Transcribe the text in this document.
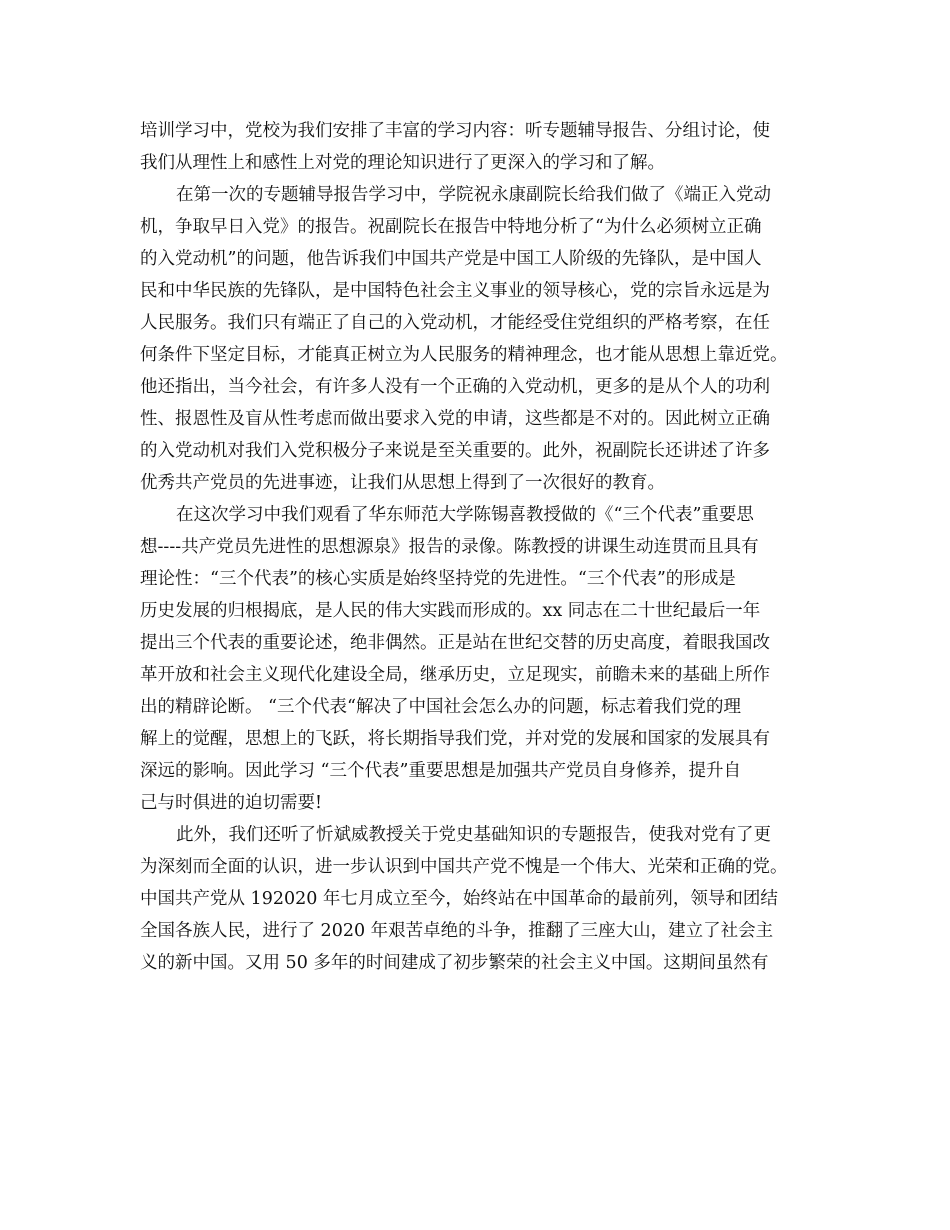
培训学习中，党校为我们安排了丰富的学习内容：听专题辅导报告、分组讨论，使
我们从理性上和感性上对党的理论知识进行了更深入的学习和了解。
在第一次的专题辅导报告学习中，学院祝永康副院长给我们做了《端正入党动
机，争取早日入党》的报告。祝副院长在报告中特地分析了“为什么必须树立正确
的入党动机”的问题，他告诉我们中国共产党是中国工人阶级的先锋队，是中国人
民和中华民族的先锋队，是中国特色社会主义事业的领导核心，党的宗旨永远是为
人民服务。我们只有端正了自己的入党动机，才能经受住党组织的严格考察，在任
何条件下坚定目标，才能真正树立为人民服务的精神理念，也才能从思想上靠近党。
他还指出，当今社会，有许多人没有一个正确的入党动机，更多的是从个人的功利
性、报恩性及盲从性考虑而做出要求入党的申请，这些都是不对的。因此树立正确
的入党动机对我们入党积极分子来说是至关重要的。此外，祝副院长还讲述了许多
优秀共产党员的先进事迹，让我们从思想上得到了一次很好的教育。
在这次学习中我们观看了华东师范大学陈锡喜教授做的《“三个代表”重要思
想----共产党员先进性的思想源泉》报告的录像。陈教授的讲课生动连贯而且具有
理论性：“三个代表”的核心实质是始终坚持党的先进性。“三个代表”的形成是
历史发展的归根揭底，是人民的伟大实践而形成的。xx 同志在二十世纪最后一年
提出三个代表的重要论述，绝非偶然。正是站在世纪交替的历史高度，着眼我国改
革开放和社会主义现代化建设全局，继承历史，立足现实，前瞻未来的基础上所作
出的精辟论断。 “三个代表“解决了中国社会怎么办的问题，标志着我们党的理
解上的觉醒，思想上的飞跃，将长期指导我们党，并对党的发展和国家的发展具有
深远的影响。因此学习 “三个代表”重要思想是加强共产党员自身修养，提升自
己与时俱进的迫切需要!
此外，我们还听了忻斌威教授关于党史基础知识的专题报告，使我对党有了更
为深刻而全面的认识，进一步认识到中国共产党不愧是一个伟大、光荣和正确的党。
中国共产党从 192020 年七月成立至今，始终站在中国革命的最前列，领导和团结
全国各族人民，进行了 2020 年艰苦卓绝的斗争，推翻了三座大山，建立了社会主
义的新中国。又用 50 多年的时间建成了初步繁荣的社会主义中国。这期间虽然有
